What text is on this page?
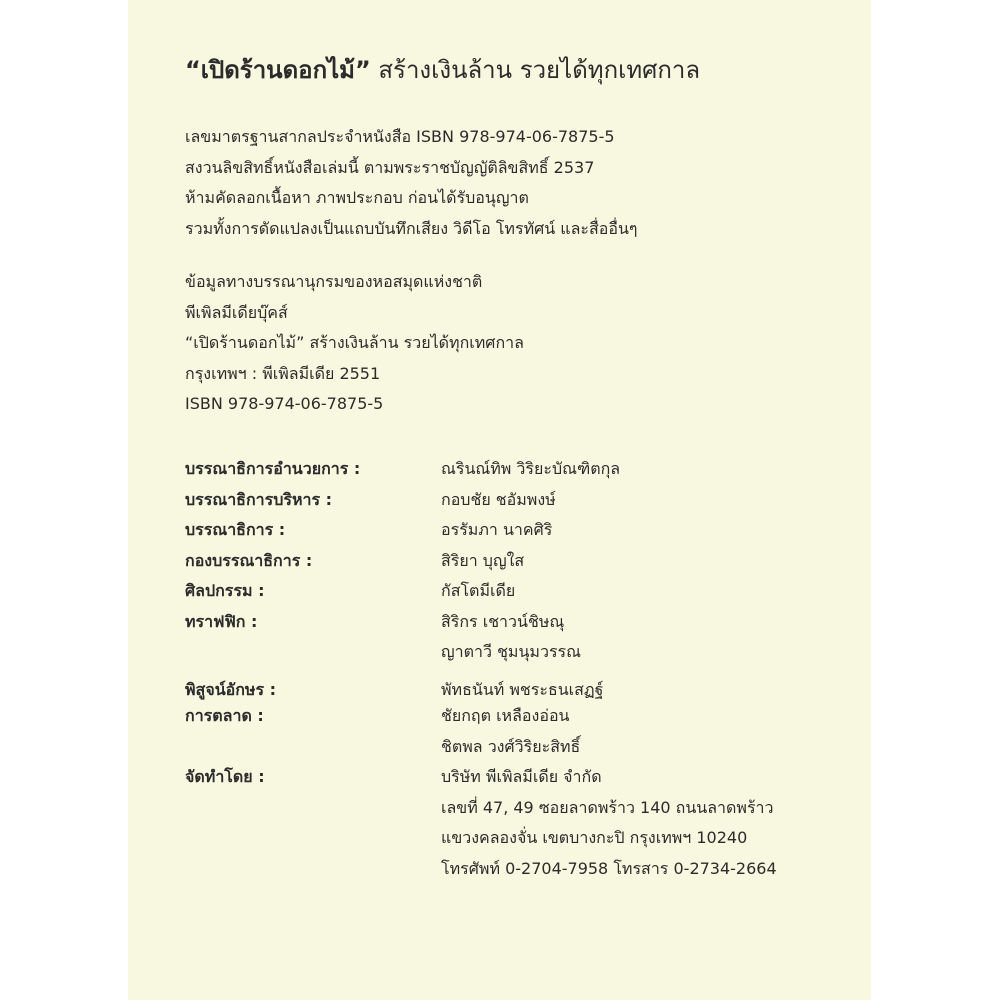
“เปิดร้านดอกไม้” สร้างเงินล้าน รวยได้ทุกเทศกาล
เลขมาตรฐานสากลประจำหนังสือ ISBN 978-974-06-7875-5
สงวนลิขสิทธิ์หนังสือเล่มนี้ ตามพระราชบัญญัติลิขสิทธิ์ 2537
ห้ามคัดลอกเนื้อหา ภาพประกอบ ก่อนได้รับอนุญาต
รวมทั้งการดัดแปลงเป็นแถบบันทึกเสียง วิดีโอ โทรทัศน์ และสื่ออื่นๆ
ข้อมูลทางบรรณานุกรมของหอสมุดแห่งชาติ
พีเพิลมีเดียบุ๊คส์
“เปิดร้านดอกไม้” สร้างเงินล้าน รวยได้ทุกเทศกาล
กรุงเทพฯ : พีเพิลมีเดีย 2551
ISBN 978-974-06-7875-5
บรรณาธิการอำนวยการ :	ณรินณ์ทิพ วิริยะบัณฑิตกุล
บรรณาธิการบริหาร :	กอบชัย ชอัมพงษ์
บรรณาธิการ :	อรรัมภา นาคศิริ
กองบรรณาธิการ :	สิริยา บุญใส
ศิลปกรรม :	กัสโตมีเดีย
ทราฟฟิก :	สิริกร เชาวน์ชิษณุ
ญาตาวี ชุมนุมวรรณ
พิสูจน์อักษร :	พัทธนันท์ พชระธนเสฏฐ์
การตลาด :	ชัยกฤต เหลืองอ่อน
ชิตพล วงศ์วิริยะสิทธิ์
จัดทำโดย :	บริษัท พีเพิลมีเดีย จำกัด
เลขที่ 47, 49 ซอยลาดพร้าว 140 ถนนลาดพร้าว
แขวงคลองจั่น เขตบางกะปิ กรุงเทพฯ 10240
โทรศัพท์ 0-2704-7958 โทรสาร 0-2734-2664
